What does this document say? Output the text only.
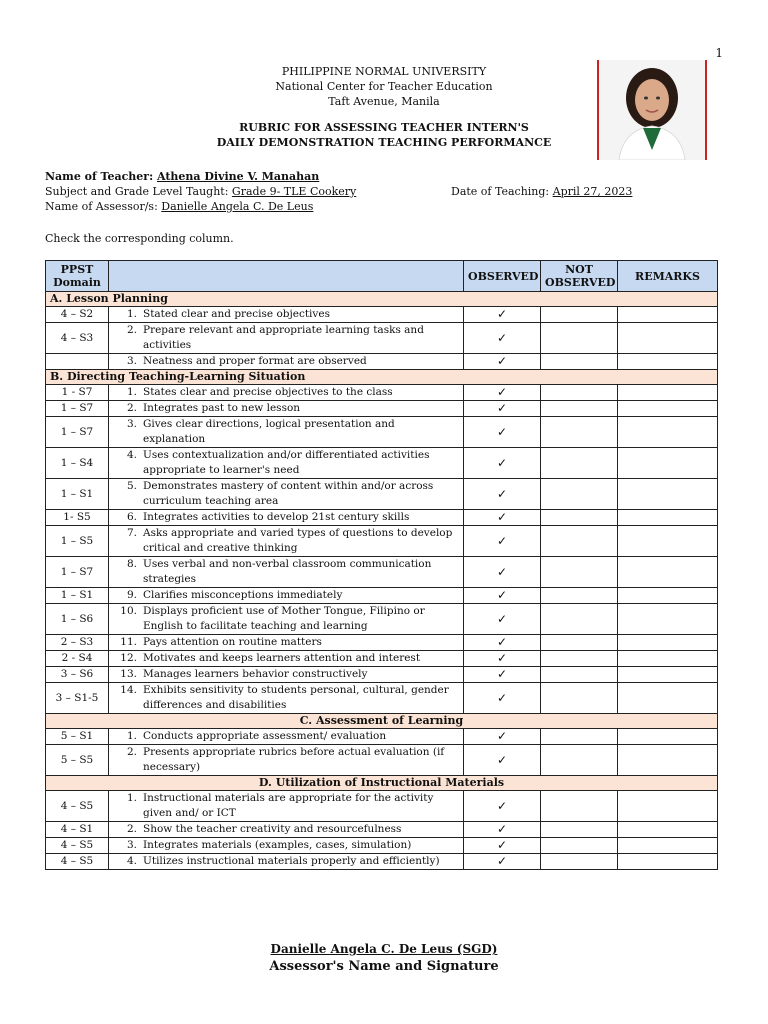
1
PHILIPPINE NORMAL UNIVERSITY
National Center for Teacher Education
Taft Avenue, Manila
RUBRIC FOR ASSESSING TEACHER INTERN'S
DAILY DEMONSTRATION TEACHING PERFORMANCE
Name of Teacher: Athena Divine V. Manahan
Subject and Grade Level Taught: Grade 9- TLE Cookery	Date of Teaching: April 27, 2023
Name of Assessor/s: Danielle Angela C. De Leus
Check the corresponding column.
PPST Domain		OBSERVED	NOT OBSERVED	REMARKS
A. Lesson Planning				
4 – S2	1. Stated clear and precise objectives	✓		
4 – S3	2. Prepare relevant and appropriate learning tasks and activities	✓		

	3. Neatness and proper format are observed	✓		
B. Directing Teaching-Learning Situation				
1 - S7	1. States clear and precise objectives to the class	✓		
1 – S7	2. Integrates past to new lesson	✓		
1 – S7	3. Gives clear directions, logical presentation and explanation	✓		
1 – S4	4. Uses contextualization and/or differentiated activities appropriate to learner's need	✓		
1 – S1	5. Demonstrates mastery of content within and/or across curriculum teaching area	✓		
1- S5	6. Integrates activities to develop 21st century skills	✓		
1 – S5	7. Asks appropriate and varied types of questions to develop critical and creative thinking	✓		
1 – S7	8. Uses verbal and non-verbal classroom communication strategies	✓		
1 – S1	9. Clarifies misconceptions immediately	✓		
1 – S6	10. Displays proficient use of Mother Tongue, Filipino or English to facilitate teaching and learning	✓		
2 – S3	11. Pays attention on routine matters	✓		
2 - S4	12. Motivates and keeps learners attention and interest	✓		
3 – S6	13. Manages learners behavior constructively	✓		
3 – S1-5	14. Exhibits sensitivity to students personal, cultural, gender differences and disabilities	✓		
C. Assessment of Learning				
5 – S1	1. Conducts appropriate assessment/ evaluation	✓		
5 – S5	2. Presents appropriate rubrics before actual evaluation (if necessary)	✓		
D. Utilization of Instructional Materials				
4 – S5	1. Instructional materials are appropriate for the activity given and/ or ICT	✓		
4 – S1	2. Show the teacher creativity and resourcefulness	✓		
4 – S5	3. Integrates materials (examples, cases, simulation)	✓		
4 – S5	4. Utilizes instructional materials properly and efficiently)	✓		
Danielle Angela C. De Leus (SGD)
Assessor's Name and Signature
